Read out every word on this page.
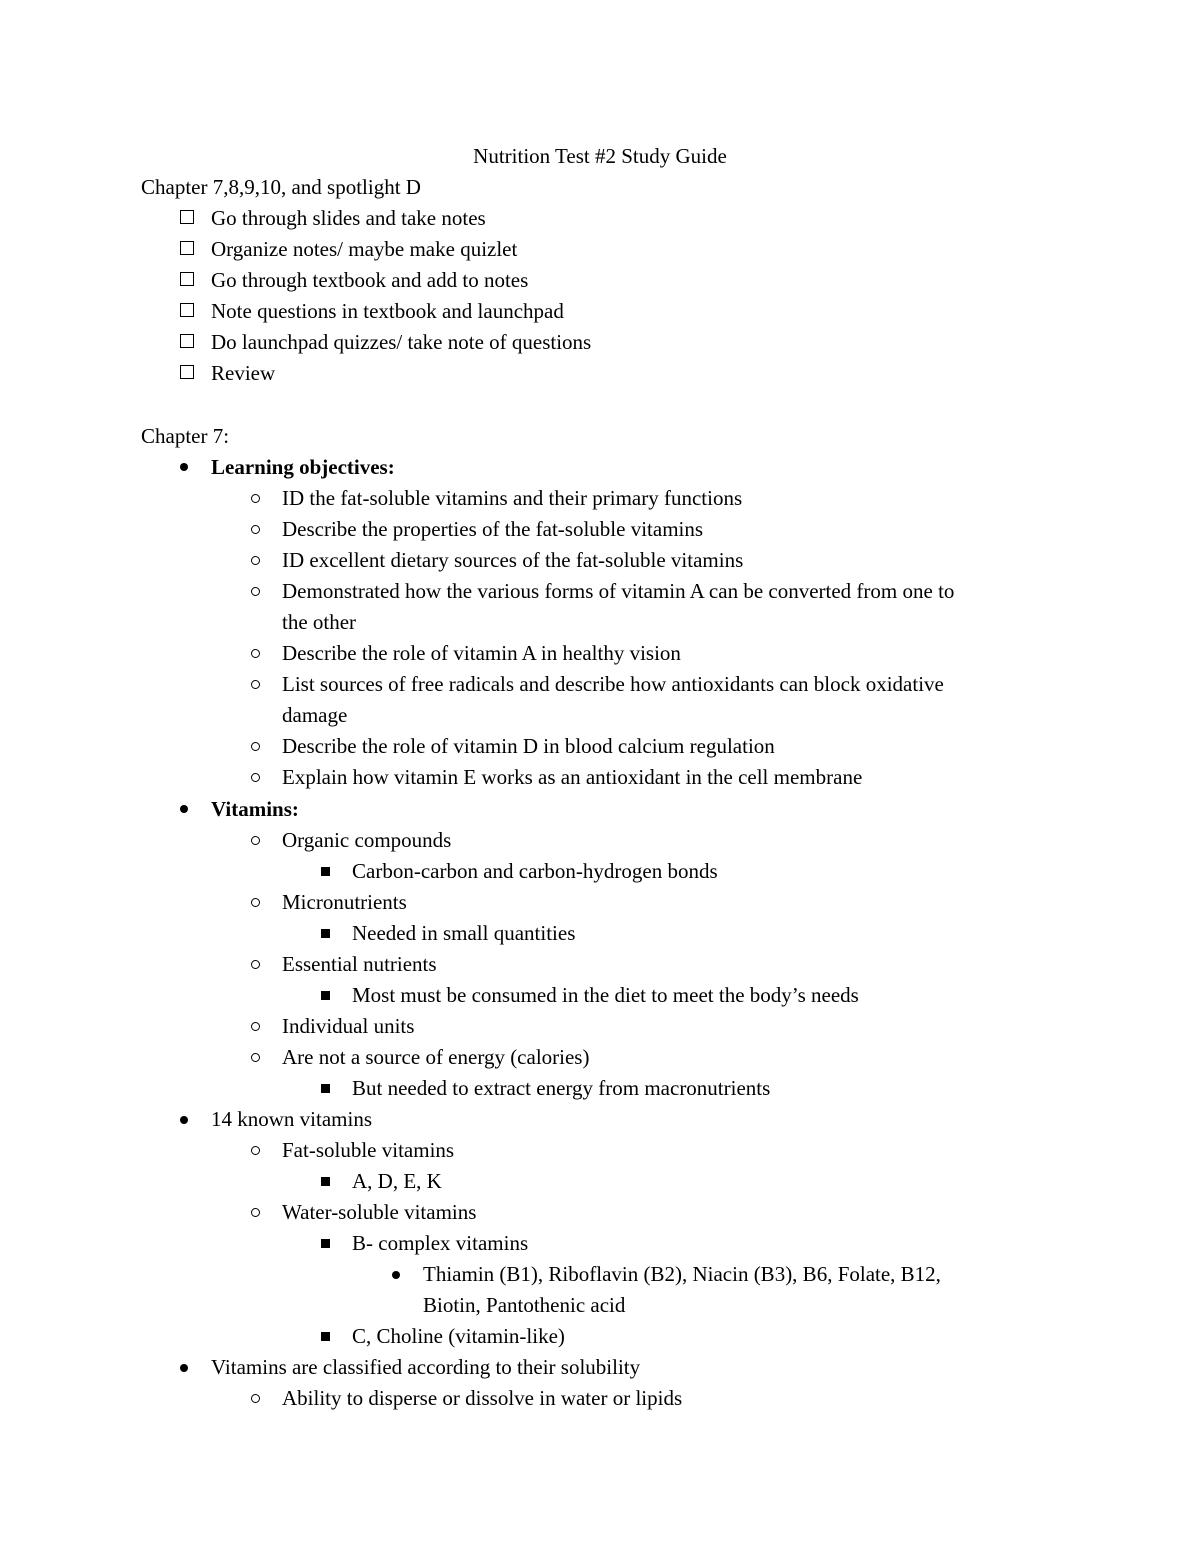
Nutrition Test #2 Study Guide
Chapter 7,8,9,10, and spotlight D
Go through slides and take notes
Organize notes/ maybe make quizlet
Go through textbook and add to notes
Note questions in textbook and launchpad
Do launchpad quizzes/ take note of questions
Review
Chapter 7:
Learning objectives:
ID the fat-soluble vitamins and their primary functions
Describe the properties of the fat-soluble vitamins
ID excellent dietary sources of the fat-soluble vitamins
Demonstrated how the various forms of vitamin A can be converted from one to
the other
Describe the role of vitamin A in healthy vision
List sources of free radicals and describe how antioxidants can block oxidative
damage
Describe the role of vitamin D in blood calcium regulation
Explain how vitamin E works as an antioxidant in the cell membrane
Vitamins:
Organic compounds
Carbon-carbon and carbon-hydrogen bonds
Micronutrients
Needed in small quantities
Essential nutrients
Most must be consumed in the diet to meet the body’s needs
Individual units
Are not a source of energy (calories)
But needed to extract energy from macronutrients
14 known vitamins
Fat-soluble vitamins
A, D, E, K
Water-soluble vitamins
B- complex vitamins
Thiamin (B1), Riboflavin (B2), Niacin (B3), B6, Folate, B12,
Biotin, Pantothenic acid
C, Choline (vitamin-like)
Vitamins are classified according to their solubility
Ability to disperse or dissolve in water or lipids
